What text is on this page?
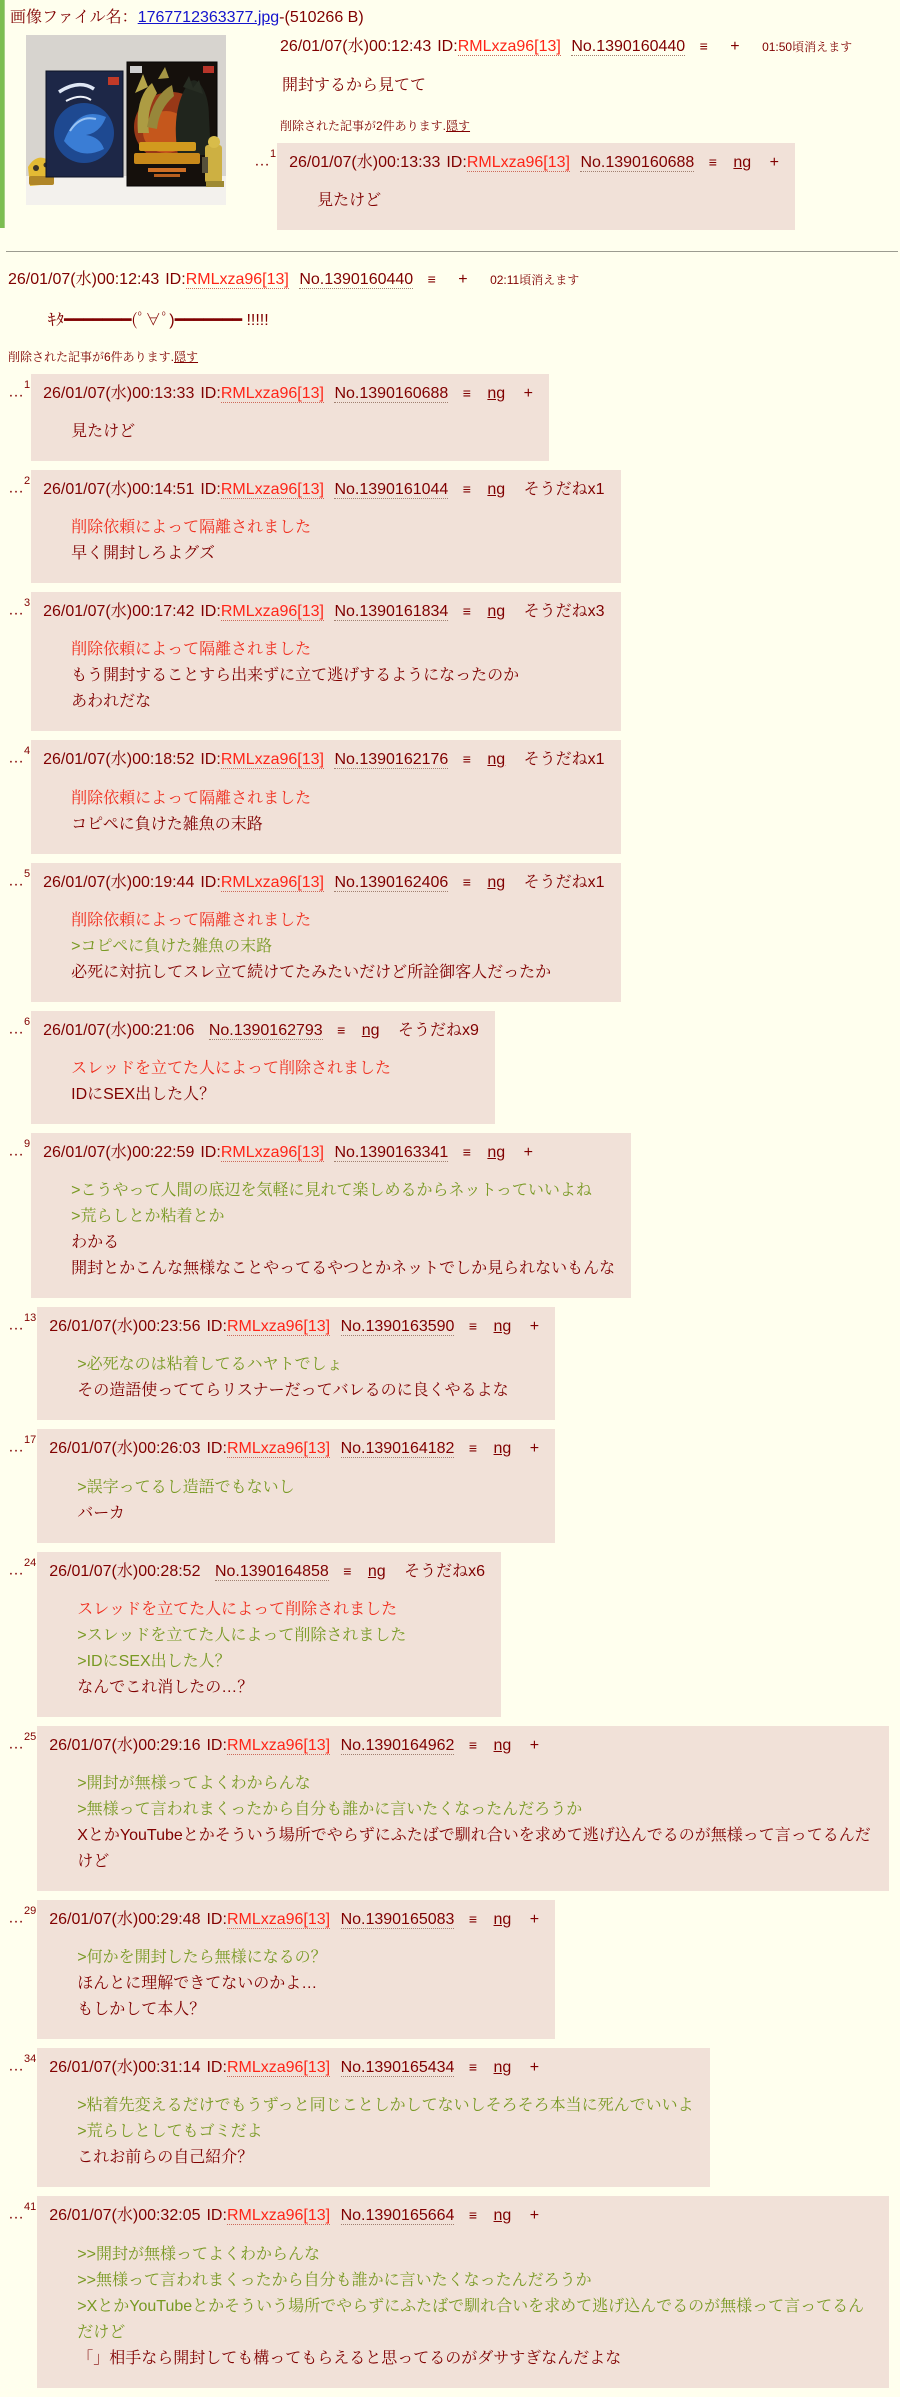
画像ファイル名：1767712363377.jpg-(510266 B)
26/01/07(水)00:12:43 ID:RMLxza96[13] No.1390160440 ≡ + 01:50頃消えます
開封するから見てて
削除された記事が2件あります.隠す
…$^1$ 26/01/07(水)00:13:33 ID:RMLxza96[13] No.1390160688 ≡ ng +
見たけど
26/01/07(水)00:12:43 ID:RMLxza96[13] No.1390160440 ≡ + 02:11頃消えます
ｷﾀ━━━━━━━(ﾟ∀ﾟ)━━━━━━━ !!!!!
削除された記事が6件あります.隠す
…$^1$ 26/01/07(水)00:13:33 ID:RMLxza96[13] No.1390160688 ≡ ng +
見たけど
…$^2$ 26/01/07(水)00:14:51 ID:RMLxza96[13] No.1390161044 ≡ ng そうだねx1
削除依頼によって隔離されました
早く開封しろよグズ
…$^3$ 26/01/07(水)00:17:42 ID:RMLxza96[13] No.1390161834 ≡ ng そうだねx3
削除依頼によって隔離されました
もう開封することすら出来ずに立て逃げするようになったのか
あわれだな
…$^4$ 26/01/07(水)00:18:52 ID:RMLxza96[13] No.1390162176 ≡ ng そうだねx1
削除依頼によって隔離されました
コピペに負けた雑魚の末路
…$^5$ 26/01/07(水)00:19:44 ID:RMLxza96[13] No.1390162406 ≡ ng そうだねx1
削除依頼によって隔離されました
>コピペに負けた雑魚の末路
必死に対抗してスレ立て続けてたみたいだけど所詮御客人だったか
…$^6$ 26/01/07(水)00:21:06 No.1390162793 ≡ ng そうだねx9
スレッドを立てた人によって削除されました
IDにSEX出した人？
…$^9$ 26/01/07(水)00:22:59 ID:RMLxza96[13] No.1390163341 ≡ ng +
>こうやって人間の底辺を気軽に見れて楽しめるからネットっていいよね
>荒らしとか粘着とか
わかる
開封とかこんな無様なことやってるやつとかネットでしか見られないもんな
…$^{13}$ 26/01/07(水)00:23:56 ID:RMLxza96[13] No.1390163590 ≡ ng +
>必死なのは粘着してるハヤトでしょ
その造語使っててらリスナーだってバレるのに良くやるよな
…$^{17}$ 26/01/07(水)00:26:03 ID:RMLxza96[13] No.1390164182 ≡ ng +
>誤字ってるし造語でもないし
バーカ
…$^{24}$ 26/01/07(水)00:28:52 No.1390164858 ≡ ng そうだねx6
スレッドを立てた人によって削除されました
>スレッドを立てた人によって削除されました
>IDにSEX出した人？
なんでこれ消したの…？
…$^{25}$ 26/01/07(水)00:29:16 ID:RMLxza96[13] No.1390164962 ≡ ng +
>開封が無様ってよくわからんな
>無様って言われまくったから自分も誰かに言いたくなったんだろうか
XとかYouTubeとかそういう場所でやらずにふたばで馴れ合いを求めて逃げ込んでるのが無様って言ってるんだけど
…$^{29}$ 26/01/07(水)00:29:48 ID:RMLxza96[13] No.1390165083 ≡ ng +
>何かを開封したら無様になるの？
ほんとに理解できてないのかよ…
もしかして本人？
…$^{34}$ 26/01/07(水)00:31:14 ID:RMLxza96[13] No.1390165434 ≡ ng +
>粘着先変えるだけでもうずっと同じことしかしてないしそろそろ本当に死んでいいよ
>荒らしとしてもゴミだよ
これお前らの自己紹介？
…$^{41}$ 26/01/07(水)00:32:05 ID:RMLxza96[13] No.1390165664 ≡ ng +
>>開封が無様ってよくわからんな
>>無様って言われまくったから自分も誰かに言いたくなったんだろうか
>XとかYouTubeとかそういう場所でやらずにふたばで馴れ合いを求めて逃げ込んでるのが無様って言ってるんだけど
「」相手なら開封しても構ってもらえると思ってるのがダサすぎなんだよな
